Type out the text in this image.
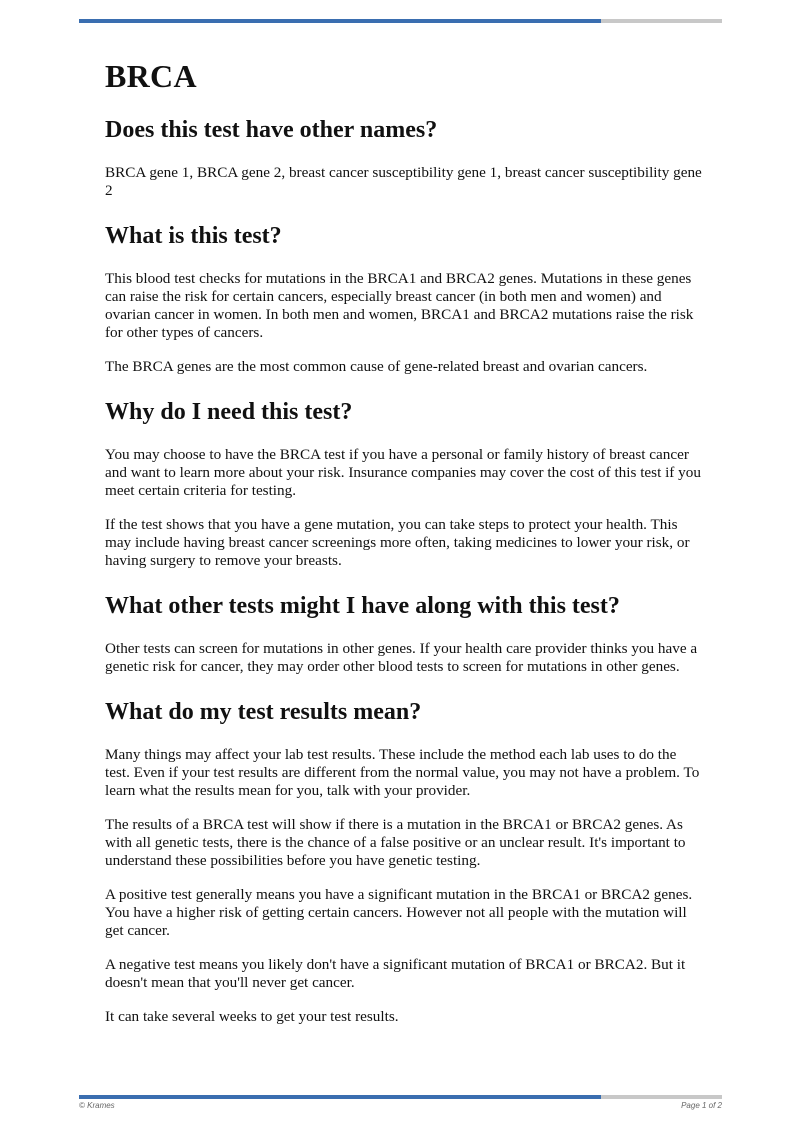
BRCA
Does this test have other names?

BRCA gene 1, BRCA gene 2, breast cancer susceptibility gene 1, breast cancer susceptibility gene 2

What is this test?

This blood test checks for mutations in the BRCA1 and BRCA2 genes. Mutations in these genes can raise the risk for certain cancers, especially breast cancer (in both men and women) and ovarian cancer in women. In both men and women, BRCA1 and BRCA2 mutations raise the risk for other types of cancers.

The BRCA genes are the most common cause of gene-related breast and ovarian cancers.

Why do I need this test?

You may choose to have the BRCA test if you have a personal or family history of breast cancer and want to learn more about your risk. Insurance companies may cover the cost of this test if you meet certain criteria for testing.

If the test shows that you have a gene mutation, you can take steps to protect your health. This may include having breast cancer screenings more often, taking medicines to lower your risk, or having surgery to remove your breasts.

What other tests might I have along with this test?

Other tests can screen for mutations in other genes. If your health care provider thinks you have a genetic risk for cancer, they may order other blood tests to screen for mutations in other genes.

What do my test results mean?

Many things may affect your lab test results. These include the method each lab uses to do the test. Even if your test results are different from the normal value, you may not have a problem. To learn what the results mean for you, talk with your provider.

The results of a BRCA test will show if there is a mutation in the BRCA1 or BRCA2 genes. As with all genetic tests, there is the chance of a false positive or an unclear result. It's important to understand these possibilities before you have genetic testing.

A positive test generally means you have a significant mutation in the BRCA1 or BRCA2 genes. You have a higher risk of getting certain cancers. However not all people with the mutation will get cancer.

A negative test means you likely don't have a significant mutation of BRCA1 or BRCA2. But it doesn't mean that you'll never get cancer.

It can take several weeks to get your test results.

© Krames	Page 1 of 2
